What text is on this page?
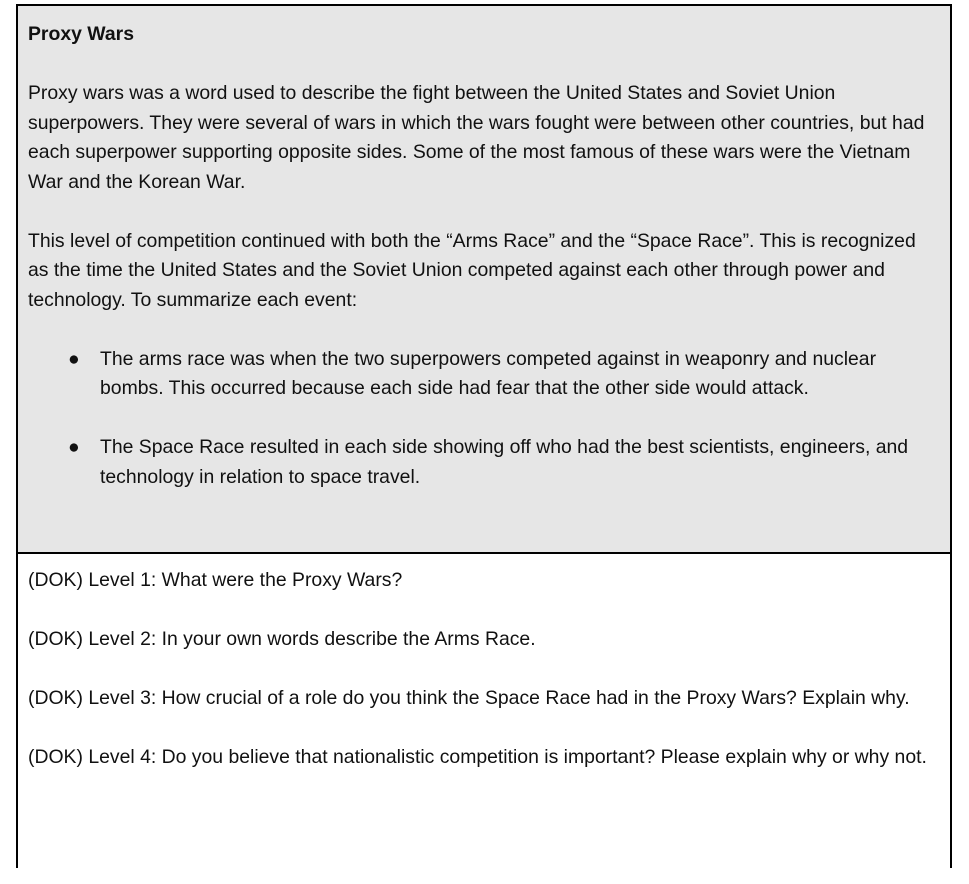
Proxy Wars

Proxy wars was a word used to describe the fight between the United States and Soviet Union superpowers. They were several of wars in which the wars fought were between other countries, but had each superpower supporting opposite sides. Some of the most famous of these wars were the Vietnam War and the Korean War.

This level of competition continued with both the “Arms Race” and the “Space Race”. This is recognized as the time the United States and the Soviet Union competed against each other through power and technology. To summarize each event:

● The arms race was when the two superpowers competed against in weaponry and nuclear bombs. This occurred because each side had fear that the other side would attack.
● The Space Race resulted in each side showing off who had the best scientists, engineers, and technology in relation to space travel.

(DOK) Level 1: What were the Proxy Wars?

(DOK) Level 2: In your own words describe the Arms Race.

(DOK) Level 3: How crucial of a role do you think the Space Race had in the Proxy Wars? Explain why.

(DOK) Level 4: Do you believe that nationalistic competition is important? Please explain why or why not.
